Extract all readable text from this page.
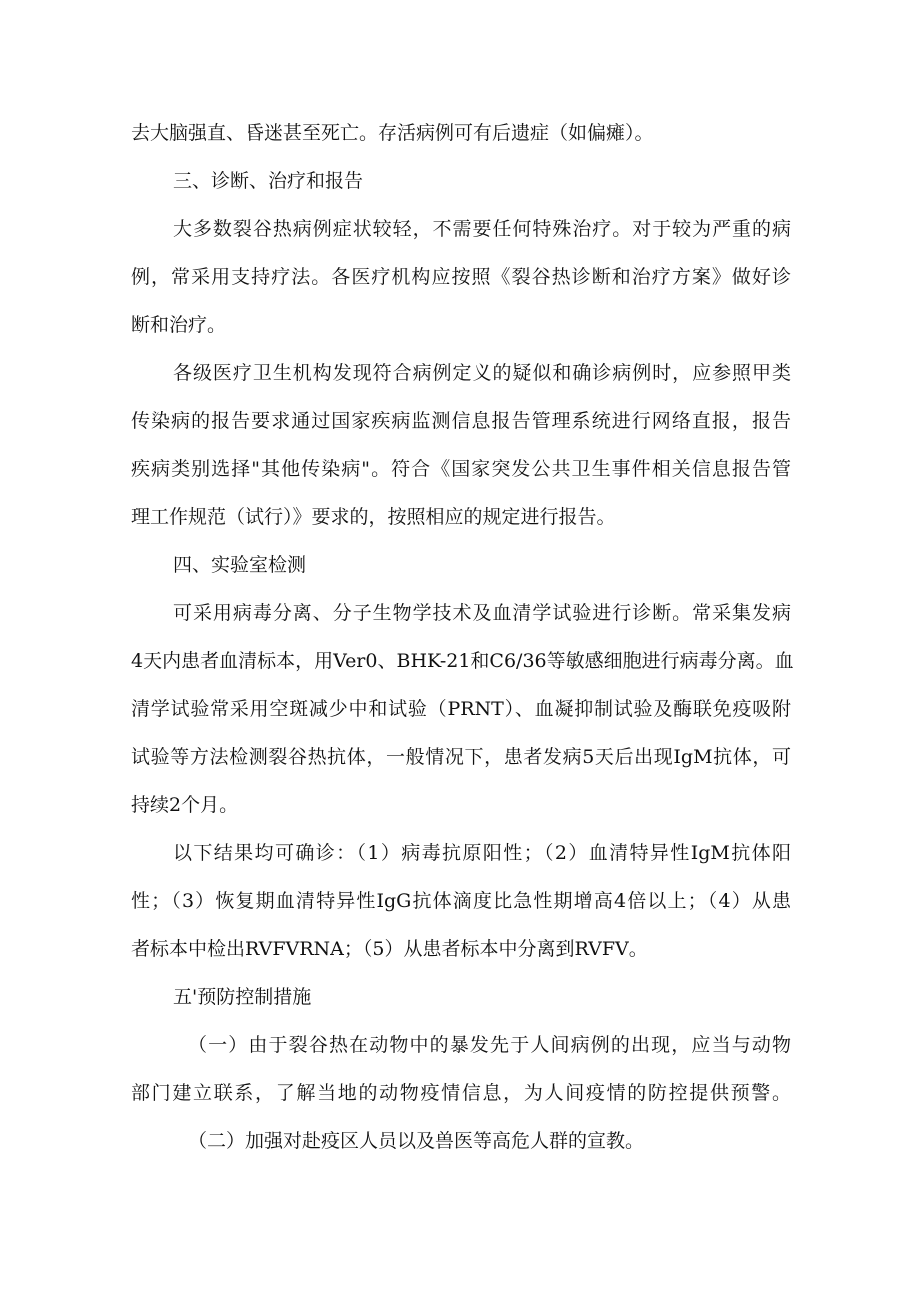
去大脑强直、昏迷甚至死亡。存活病例可有后遗症（如偏瘫）。
三、诊断、治疗和报告
大多数裂谷热病例症状较轻，不需要任何特殊治疗。对于较为严重的病
例，常采用支持疗法。各医疗机构应按照《裂谷热诊断和治疗方案》做好诊
断和治疗。
各级医疗卫生机构发现符合病例定义的疑似和确诊病例时，应参照甲类
传染病的报告要求通过国家疾病监测信息报告管理系统进行网络直报，报告
疾病类别选择"其他传染病"。符合《国家突发公共卫生事件相关信息报告管
理工作规范（试行）》要求的，按照相应的规定进行报告。
四、实验室检测
可采用病毒分离、分子生物学技术及血清学试验进行诊断。常采集发病
4天内患者血清标本，用Ver0、BHK-21和C6/36等敏感细胞进行病毒分离。血
清学试验常采用空斑减少中和试验（PRNT）、血凝抑制试验及酶联免疫吸附
试验等方法检测裂谷热抗体，一般情况下，患者发病5天后出现IgM抗体，可
持续2个月。
以下结果均可确诊：（1）病毒抗原阳性；（2）血清特异性IgM抗体阳
性；（3）恢复期血清特异性IgG抗体滴度比急性期增高4倍以上；（4）从患
者标本中检出RVFVRNA；（5）从患者标本中分离到RVFV。
五'预防控制措施
（一）由于裂谷热在动物中的暴发先于人间病例的出现，应当与动物
部门建立联系，了解当地的动物疫情信息，为人间疫情的防控提供预警。
（二）加强对赴疫区人员以及兽医等高危人群的宣教。
